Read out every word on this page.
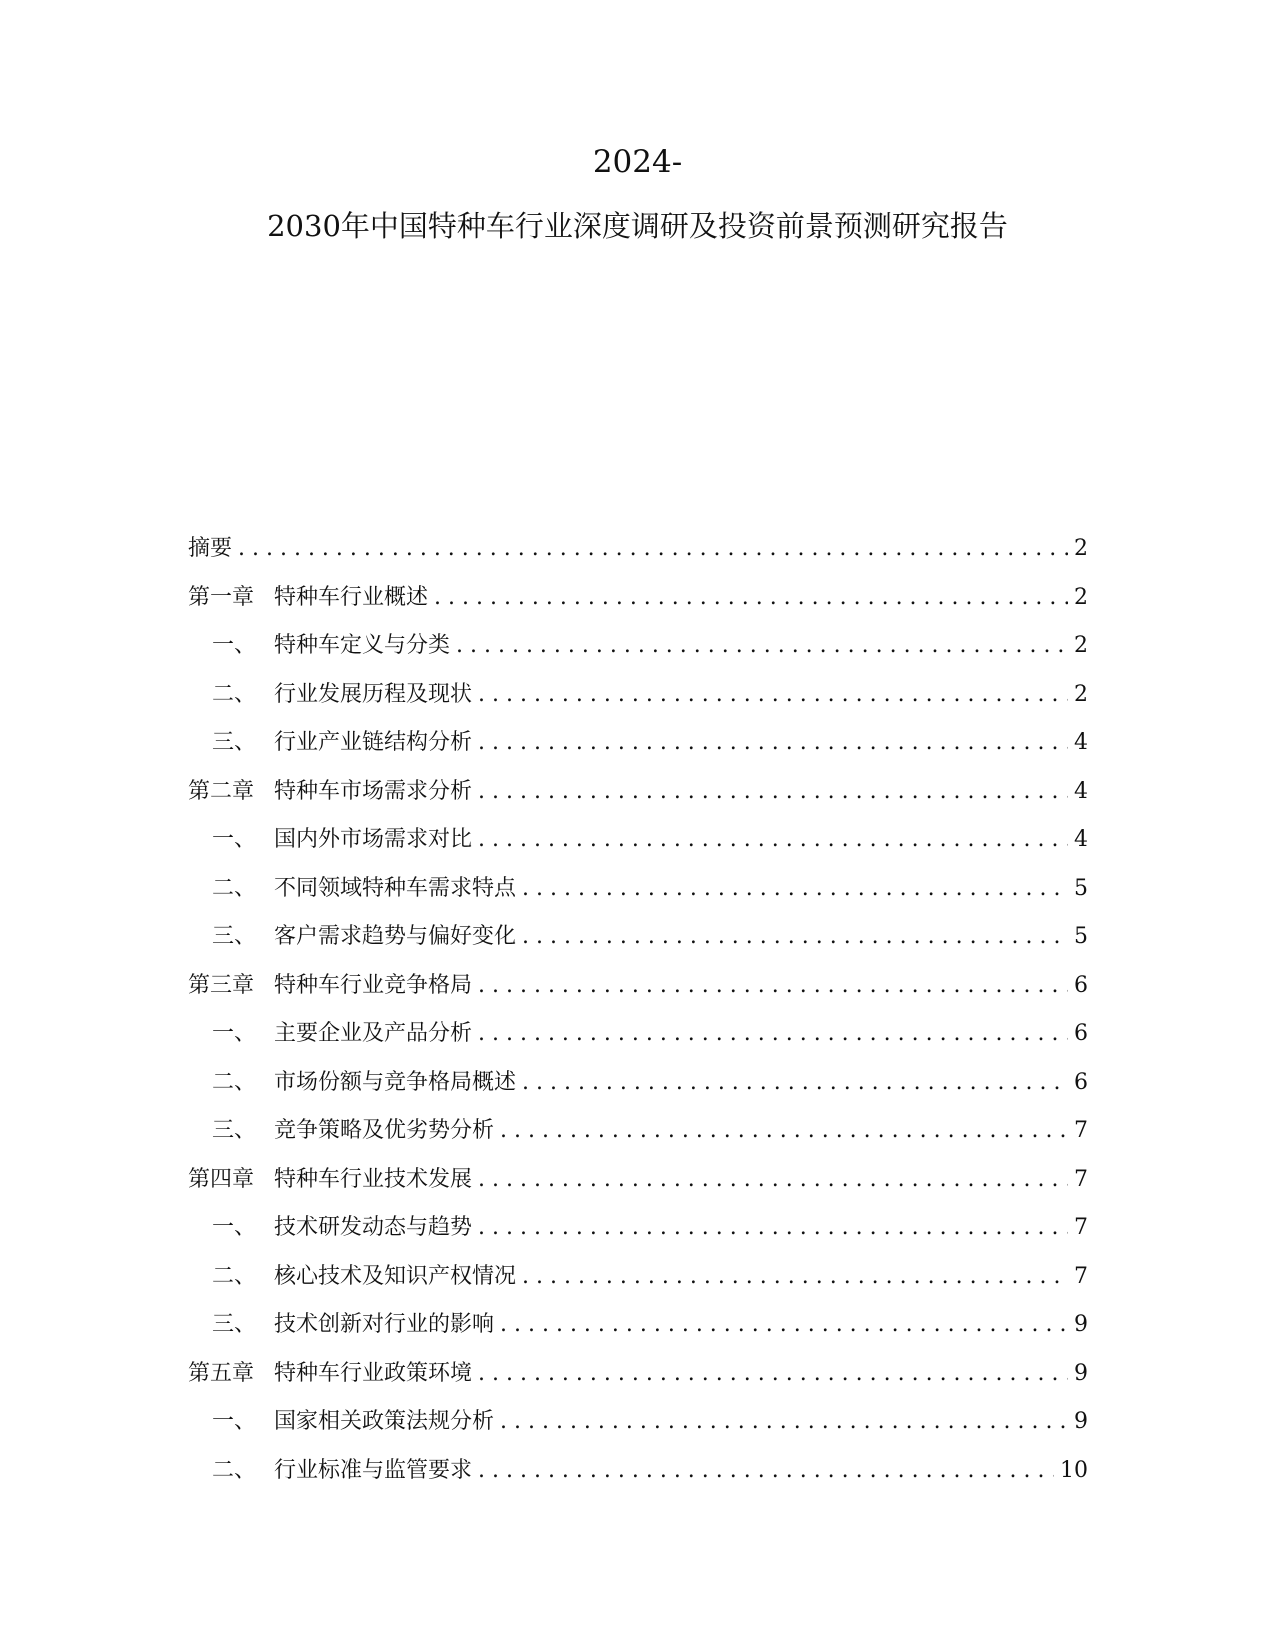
2024-
2030年中国特种车行业深度调研及投资前景预测研究报告
摘要 . . .	2
第一章 特种车行业概述 . . .	2
一、 特种车定义与分类 . . .	2
二、 行业发展历程及现状 . . .	2
三、 行业产业链结构分析 . . .	4
第二章 特种车市场需求分析 . . .	4
一、 国内外市场需求对比 . . .	4
二、 不同领域特种车需求特点 . . .	5
三、 客户需求趋势与偏好变化 . . .	5
第三章 特种车行业竞争格局 . . .	6
一、 主要企业及产品分析 . . .	6
二、 市场份额与竞争格局概述 . . .	6
三、 竞争策略及优劣势分析 . . .	7
第四章 特种车行业技术发展 . . .	7
一、 技术研发动态与趋势 . . .	7
二、 核心技术及知识产权情况 . . .	7
三、 技术创新对行业的影响 . . .	9
第五章 特种车行业政策环境 . . .	9
一、 国家相关政策法规分析 . . .	9
二、 行业标准与监管要求 . . .	10
